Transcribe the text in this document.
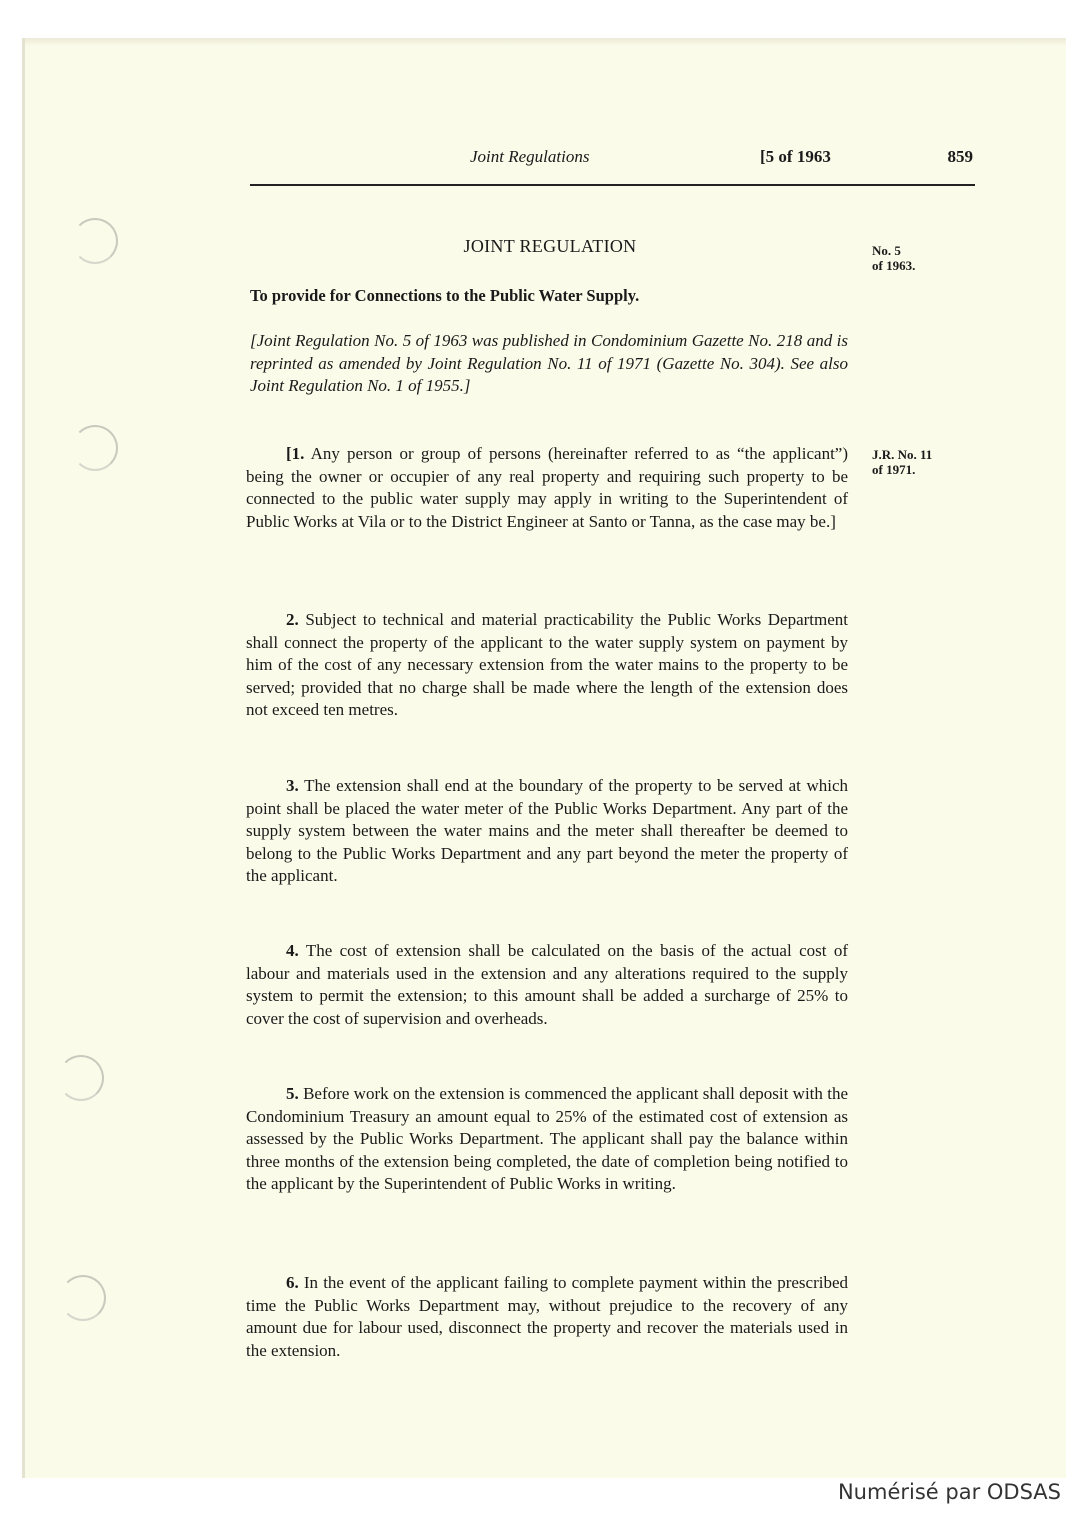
Joint Regulations	[5 of 1963	859
JOINT REGULATION	No. 5
of 1963.
To provide for Connections to the Public Water Supply.
[Joint Regulation No. 5 of 1963 was published in Condominium Gazette No. 218 and is reprinted as amended by Joint Regulation No. 11 of 1971 (Gazette No. 304). See also Joint Regulation No. 1 of 1955.]
J.R. No. 11
of 1971.
[1. Any person or group of persons (hereinafter referred to as “the applicant”) being the owner or occupier of any real property and requiring such property to be connected to the public water supply may apply in writing to the Superintendent of Public Works at Vila or to the District Engineer at Santo or Tanna, as the case may be.]
2. Subject to technical and material practicability the Public Works Department shall connect the property of the applicant to the water supply system on payment by him of the cost of any necessary extension from the water mains to the property to be served; provided that no charge shall be made where the length of the extension does not exceed ten metres.
3. The extension shall end at the boundary of the property to be served at which point shall be placed the water meter of the Public Works Department. Any part of the supply system between the water mains and the meter shall thereafter be deemed to belong to the Public Works Department and any part beyond the meter the property of the applicant.
4. The cost of extension shall be calculated on the basis of the actual cost of labour and materials used in the extension and any alterations required to the supply system to permit the extension; to this amount shall be added a surcharge of 25% to cover the cost of supervision and overheads.
5. Before work on the extension is commenced the applicant shall deposit with the Condominium Treasury an amount equal to 25% of the estimated cost of extension as assessed by the Public Works Department. The applicant shall pay the balance within three months of the extension being completed, the date of completion being notified to the applicant by the Superintendent of Public Works in writing.
6. In the event of the applicant failing to complete payment within the prescribed time the Public Works Department may, without prejudice to the recovery of any amount due for labour used, disconnect the property and recover the materials used in the extension.
Numérisé par ODSAS
